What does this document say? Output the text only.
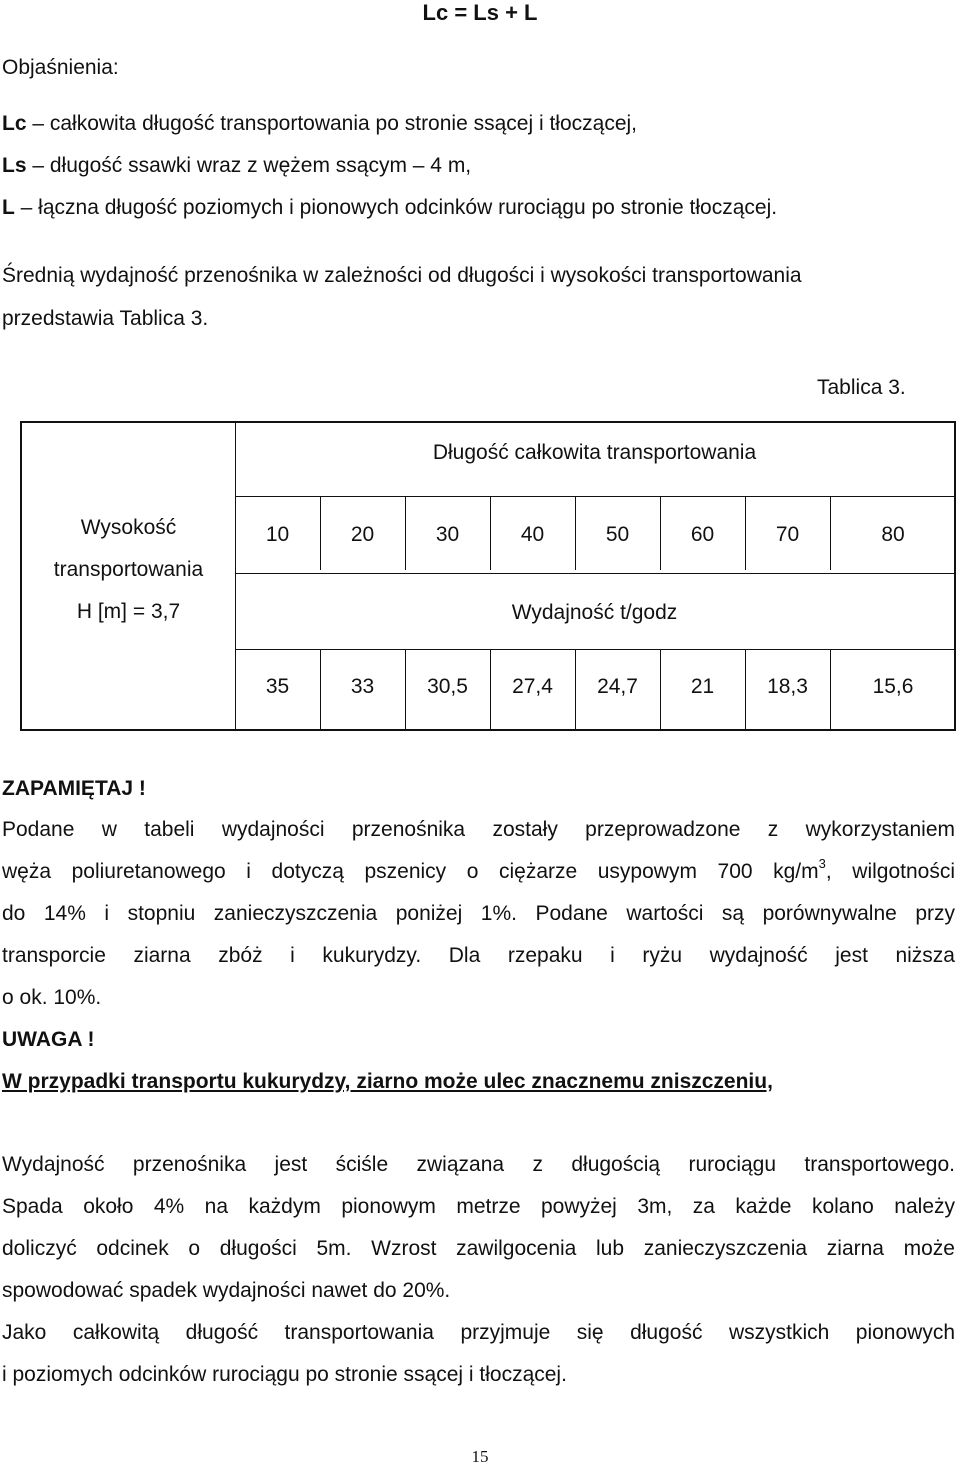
Lc = Ls + L
Objaśnienia:
Lc – całkowita długość transportowania po stronie ssącej i tłoczącej,
Ls – długość ssawki wraz z wężem ssącym – 4 m,
L – łączna długość poziomych i pionowych odcinków rurociągu po stronie tłoczącej.
Średnią wydajność przenośnika w zależności od długości i wysokości transportowania
przedstawia Tablica 3.
Tablica 3.
Długość całkowita transportowania
Wysokość
transportowania
H [m] = 3,7
10	20	30	40	50	60	70	80
Wydajność t/godz
35	33	30,5	27,4	24,7	21	18,3	15,6
ZAPAMIĘTAJ !
Podane w tabeli wydajności przenośnika zostały przeprowadzone z wykorzystaniem
węża poliuretanowego i dotyczą pszenicy o ciężarze usypowym 700 $kg/m^3$, wilgotności
do 14% i stopniu zanieczyszczenia poniżej 1%. Podane wartości są porównywalne przy
transporcie ziarna zbóż i kukurydzy. Dla rzepaku i ryżu wydajność jest niższa
o ok. 10%.
UWAGA !
W przypadki transportu kukurydzy, ziarno może ulec znacznemu zniszczeniu,
Wydajność przenośnika jest ściśle związana z długością rurociągu transportowego.
Spada około 4% na każdym pionowym metrze powyżej 3m, za każde kolano należy
doliczyć odcinek o długości 5m. Wzrost zawilgocenia lub zanieczyszczenia ziarna może
spowodować spadek wydajności nawet do 20%.
Jako całkowitą długość transportowania przyjmuje się długość wszystkich pionowych
i poziomych odcinków rurociągu po stronie ssącej i tłoczącej.
15
